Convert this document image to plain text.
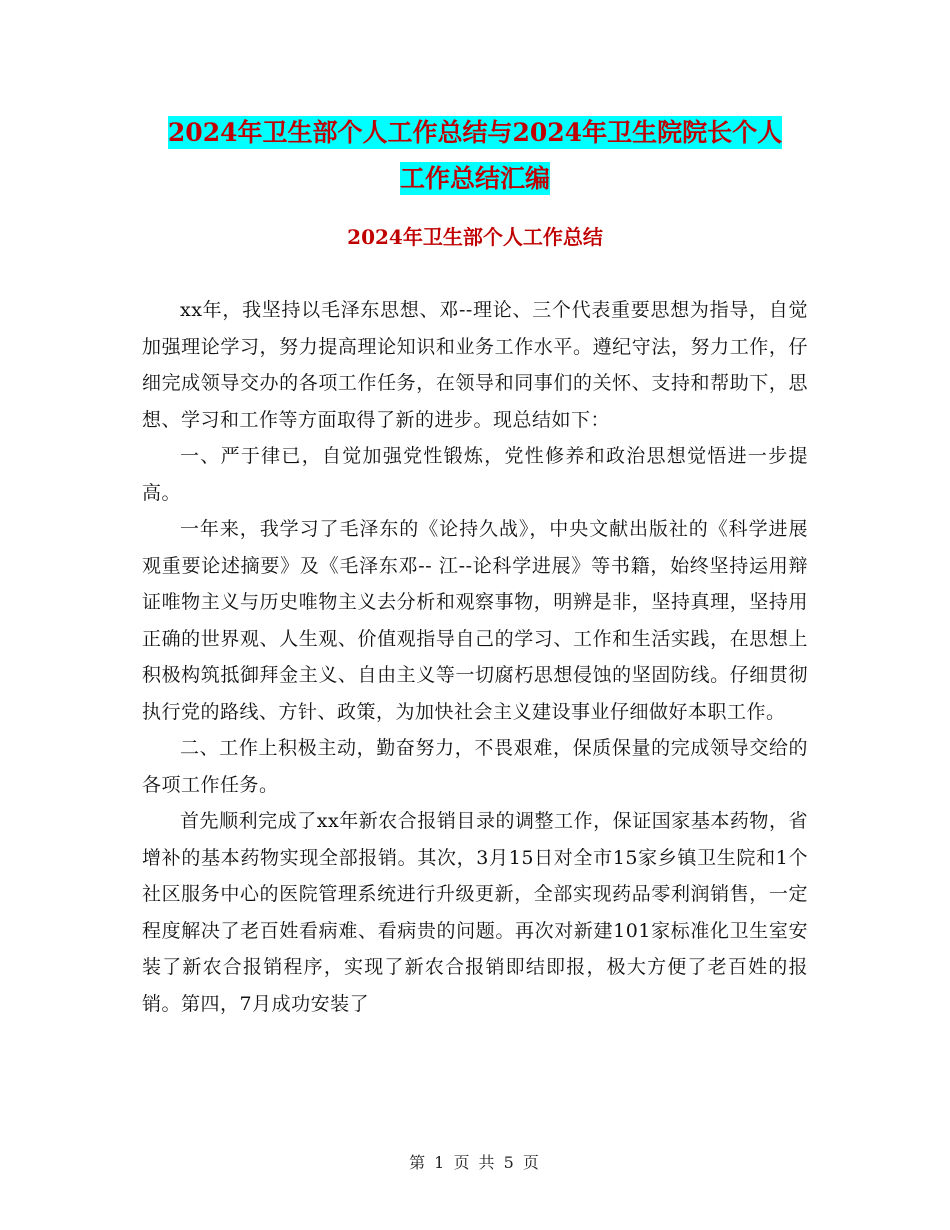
2024年卫生部个人工作总结与2024年卫生院院长个人
工作总结汇编
2024年卫生部个人工作总结

xx年，我坚持以毛泽东思想、邓--理论、三个代表重要思想为指导，自觉加强理论学习，努力提高理论知识和业务工作水平。遵纪守法，努力工作，仔细完成领导交办的各项工作任务，在领导和同事们的关怀、支持和帮助下，思想、学习和工作等方面取得了新的进步。现总结如下：

一、严于律已，自觉加强党性锻炼，党性修养和政治思想觉悟进一步提高。

一年来，我学习了毛泽东的《论持久战》，中央文献出版社的《科学进展观重要论述摘要》及《毛泽东邓-- 江--论科学进展》等书籍，始终坚持运用辩证唯物主义与历史唯物主义去分析和观察事物，明辨是非，坚持真理，坚持用正确的世界观、人生观、价值观指导自己的学习、工作和生活实践，在思想上积极构筑抵御拜金主义、自由主义等一切腐朽思想侵蚀的坚固防线。仔细贯彻执行党的路线、方针、政策，为加快社会主义建设事业仔细做好本职工作。

二、工作上积极主动，勤奋努力，不畏艰难，保质保量的完成领导交给的各项工作任务。

首先顺利完成了xx年新农合报销目录的调整工作，保证国家基本药物，省增补的基本药物实现全部报销。其次，3月15日对全市15家乡镇卫生院和1个社区服务中心的医院管理系统进行升级更新，全部实现药品零利润销售，一定程度解决了老百姓看病难、看病贵的问题。再次对新建101家标准化卫生室安装了新农合报销程序，实现了新农合报销即结即报，极大方便了老百姓的报销。第四，7月成功安装了

第 1 页 共 5 页
